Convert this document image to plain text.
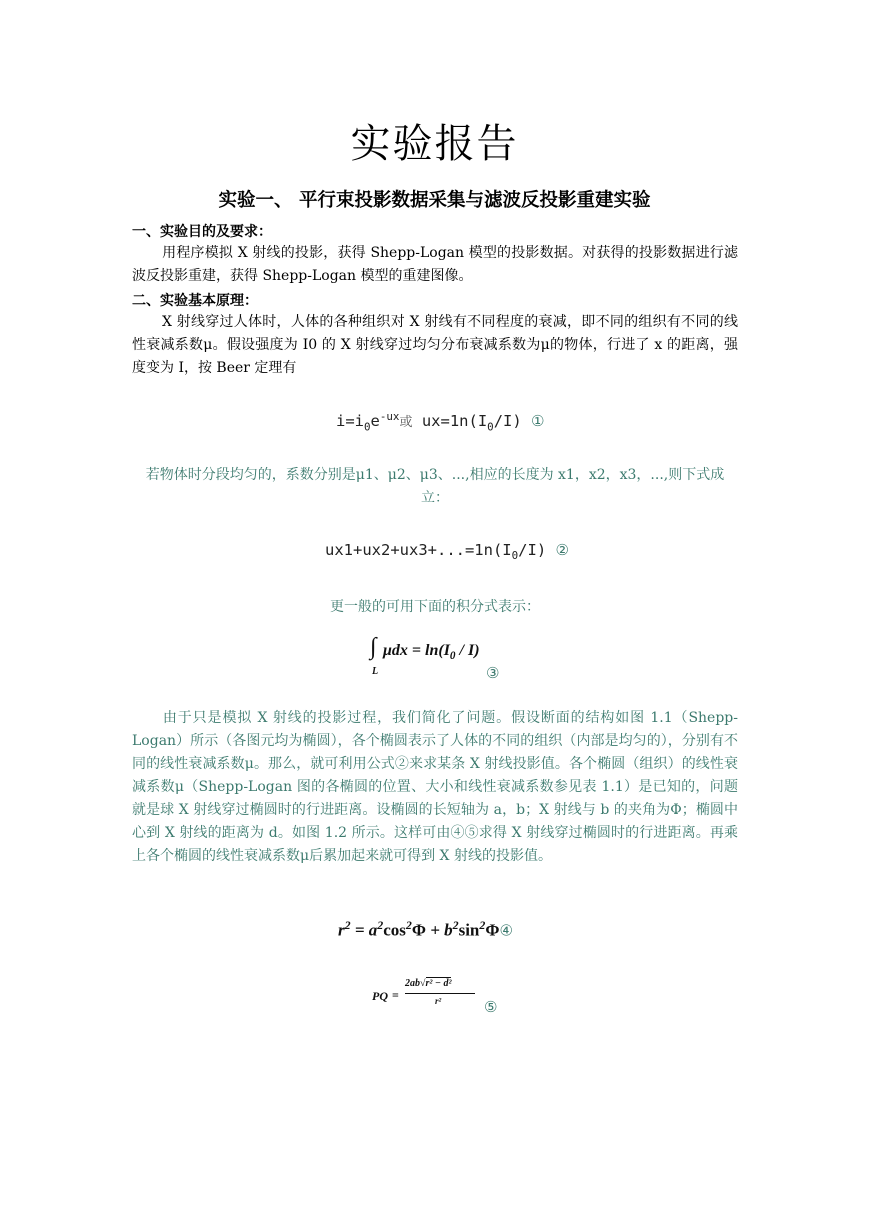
实验报告
实验一、 平行束投影数据采集与滤波反投影重建实验
一、实验目的及要求：
用程序模拟 X 射线的投影，获得 Shepp-Logan 模型的投影数据。对获得的投影数据进行滤波反投影重建，获得 Shepp-Logan 模型的重建图像。
二、实验基本原理：
X 射线穿过人体时，人体的各种组织对 X 射线有不同程度的衰减，即不同的组织有不同的线性衰减系数μ。假设强度为 I0 的 X 射线穿过均匀分布衰减系数为μ的物体，行进了 x 的距离，强度变为 I，按 Beer 定理有
$i=i_0e^{-ux}$或 $ux=1n(I_0/I)$ ①
若物体时分段均匀的，系数分别是μ1、μ2、μ3、...,相应的长度为 x1，x2，x3，...,则下式成立：
$ux1+ux2+ux3+...=1n(I_0/I)$ ②
更一般的可用下面的积分式表示：
∫
L
$\mu dx = \ln(I_0 / I)$
③
由于只是模拟 X 射线的投影过程，我们简化了问题。假设断面的结构如图 1.1（Shepp-Logan）所示（各图元均为椭圆），各个椭圆表示了人体的不同的组织（内部是均匀的），分别有不同的线性衰减系数μ。那么，就可利用公式②来求某条 X 射线投影值。各个椭圆（组织）的线性衰减系数μ（Shepp-Logan 图的各椭圆的位置、大小和线性衰减系数参见表 1.1）是已知的，问题就是球 X 射线穿过椭圆时的行进距离。设椭圆的长短轴为 a，b；X 射线与 b 的夹角为Φ；椭圆中心到 X 射线的距离为 d。如图 1.2 所示。这样可由④⑤求得 X 射线穿过椭圆时的行进距离。再乘上各个椭圆的线性衰减系数μ后累加起来就可得到 X 射线的投影值。
$r^2 = a^2\cos^2\Phi$ + $b^2\sin^2\Phi ④$
PQ =
2ab√r² − d²
r²	⑤
